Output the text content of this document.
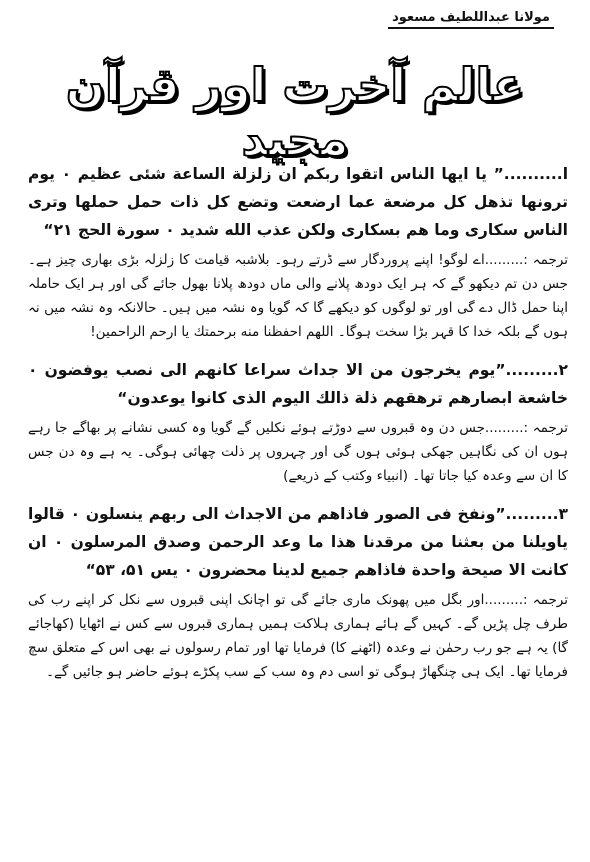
مولانا عبداللطیف مسعود
عالم آخرت اور قرآن مجید

ا..........” يا ايها الناس اتقوا ربكم ان زلزلة الساعة شئى عظيم ۰ يوم ترونها تذهل كل مرضعة عما ارضعت وتضع كل ذات حمل حملها وترى الناس سكارى وما هم بسكارى ولكن عذب الله شديد ۰ سورة الحج ۲۱“

ترجمہ :.........اے لوگو! اپنے پروردگار سے ڈرتے رہو۔ بلاشبہ قیامت کا زلزلہ بڑی بھاری چیز ہے۔ جس دن تم دیکھو گے کہ ہر ایک دودھ پلانے والی ماں دودھ پلانا بھول جائے گی اور ہر ایک حاملہ اپنا حمل ڈال دے گی اور تو لوگوں کو دیکھے گا کہ گویا وہ نشہ میں ہیں۔ حالانکہ وہ نشہ میں نہ ہوں گے بلکہ خدا کا قہر بڑا سخت ہوگا۔ اللھم احفظنا منه برحمتك يا ارحم الراحمين!

۲.........”يوم يخرجون من الا جداث سراعا كانهم الى نصب يوفضون ۰ خاشعة ابصارهم ترهقهم ذلة ذالك اليوم الذى كانوا يوعدون“

ترجمہ :.........جس دن وہ قبروں سے دوڑتے ہوئے نکلیں گے گویا وہ کسی نشانے پر بھاگے جا رہے ہوں ان کی نگاہیں جھکی ہوئی ہوں گی اور چہروں پر ذلت چھائی ہوگی۔ یہ ہے وہ دن جس کا ان سے وعدہ کیا جاتا تھا۔ (انبیاء وکتب کے ذریعے)

۳.........”ونفخ فى الصور فاذاهم من الاجداث الى ربهم ينسلون ۰ قالوا ياويلنا من بعثنا من مرقدنا هذا ما وعد الرحمن وصدق المرسلون ۰ ان كانت الا صيحة واحدة فاذاهم جميع لدينا محضرون ۰ يس ۵۱، ۵۳“

ترجمہ :.........اور بگل میں پھونک ماری جائے گی تو اچانک اپنی قبروں سے نکل کر اپنے رب کی طرف چل پڑیں گے۔ کہیں گے ہائے ہماری ہلاکت ہمیں ہماری قبروں سے کس نے اٹھایا (کھاجائے گا) یہ ہے جو رب رحمٰن نے وعدہ (اٹھنے کا) فرمایا تھا اور تمام رسولوں نے بھی اس کے متعلق سچ فرمایا تھا۔ ایک ہی چنگھاڑ ہوگی تو اسی دم وہ سب کے سب پکڑے ہوئے حاضر ہو جائیں گے۔
